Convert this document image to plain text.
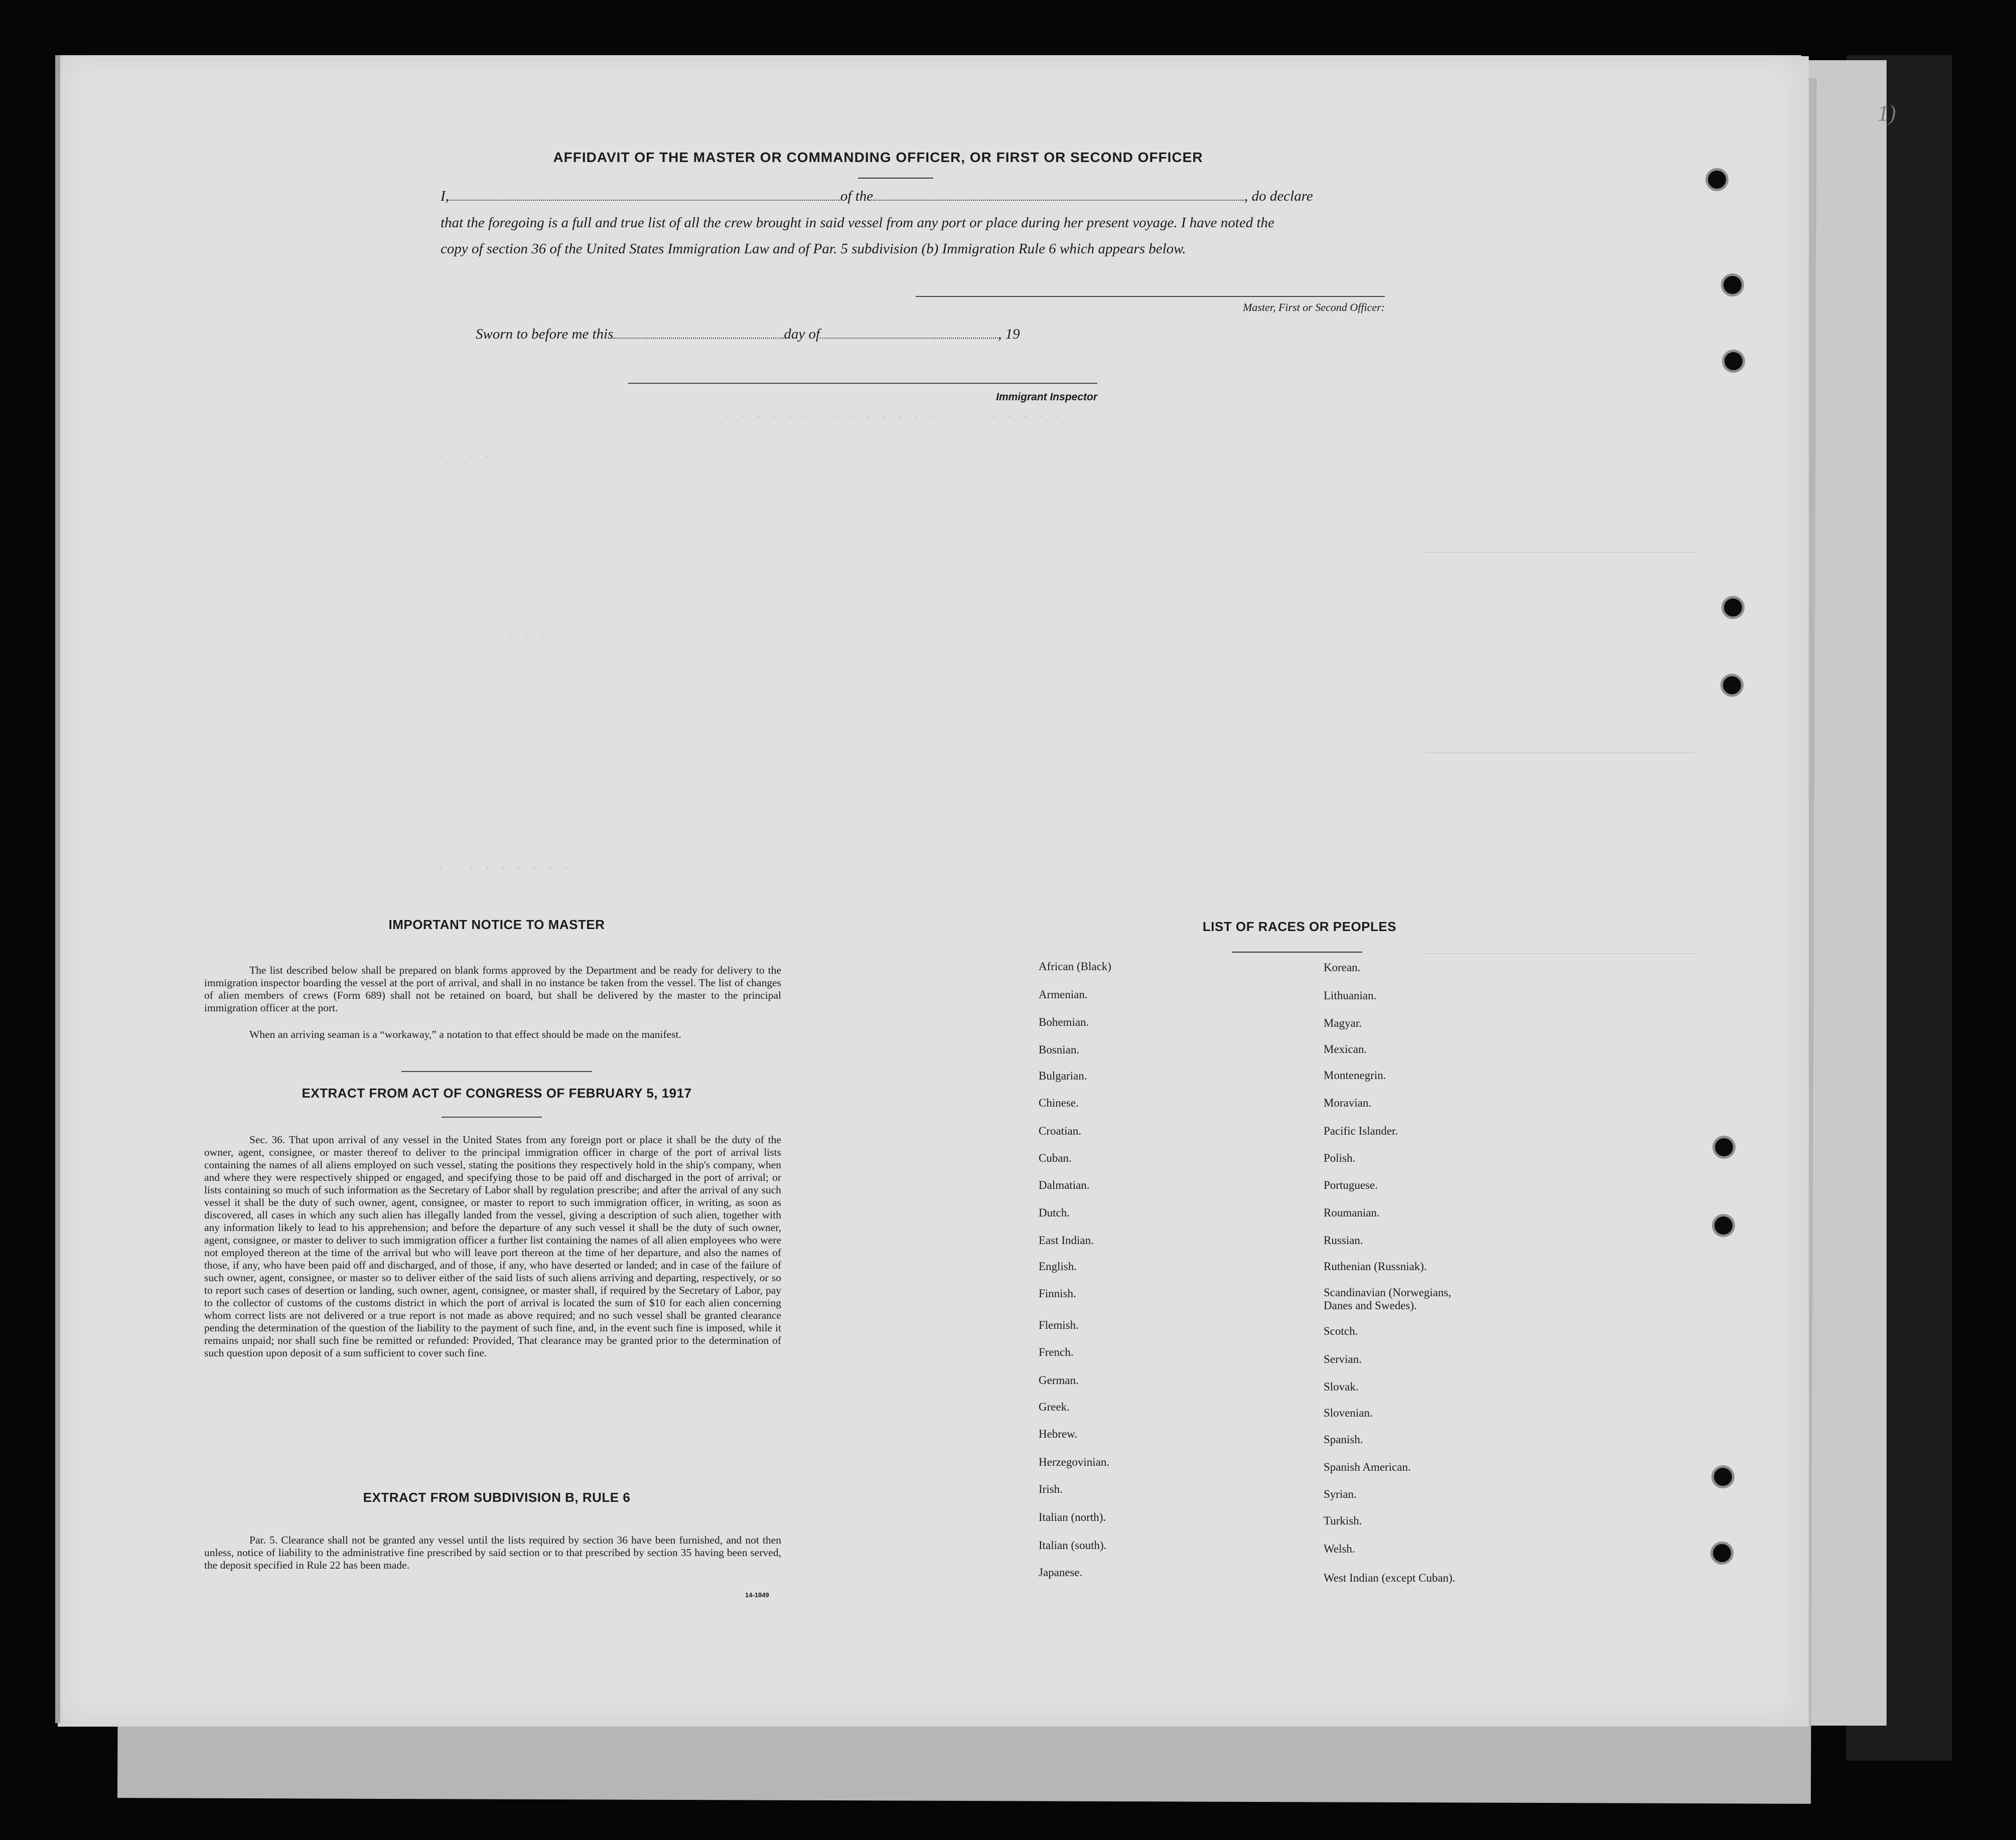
. . . . . . . . . . . . . . . . . . . . . . . .
. . . .
. . . .
. . . . . . . . .
1)
AFFIDAVIT OF THE MASTER OR COMMANDING OFFICER, OR FIRST OR SECOND OFFICER
I,	of the	, do declare
that the foregoing is a full and true list of all the crew brought in said vessel from any port or place during her present voyage. I have noted the
copy of section 36 of the United States Immigration Law and of Par. 5 subdivision (b) Immigration Rule 6 which appears below.
Master, First or Second Officer:
Sworn to before me this	day of	, 19
Immigrant Inspector
IMPORTANT NOTICE TO MASTER
The list described below shall be prepared on blank forms approved by the Department and be ready for delivery to the immigration inspector boarding the vessel at the port of arrival, and shall in no instance be taken from the vessel. The list of changes of alien members of crews (Form 689) shall not be retained on board, but shall be delivered by the master to the principal immigration officer at the port.
When an arriving seaman is a “workaway,” a notation to that effect should be made on the manifest.
EXTRACT FROM ACT OF CONGRESS OF FEBRUARY 5, 1917
Sec. 36. That upon arrival of any vessel in the United States from any foreign port or place it shall be the duty of the owner, agent, consignee, or master thereof to deliver to the principal immigration officer in charge of the port of arrival lists containing the names of all aliens employed on such vessel, stating the positions they respectively hold in the ship's company, when and where they were respectively shipped or engaged, and specifying those to be paid off and discharged in the port of arrival; or lists containing so much of such information as the Secretary of Labor shall by regulation prescribe; and after the arrival of any such vessel it shall be the duty of such owner, agent, consignee, or master to report to such immigration officer, in writing, as soon as discovered, all cases in which any such alien has illegally landed from the vessel, giving a description of such alien, together with any information likely to lead to his apprehension; and before the departure of any such vessel it shall be the duty of such owner, agent, consignee, or master to deliver to such immigration officer a further list containing the names of all alien employees who were not employed thereon at the time of the arrival but who will leave port thereon at the time of her departure, and also the names of those, if any, who have been paid off and discharged, and of those, if any, who have deserted or landed; and in case of the failure of such owner, agent, consignee, or master so to deliver either of the said lists of such aliens arriving and departing, respectively, or so to report such cases of desertion or landing, such owner, agent, consignee, or master shall, if required by the Secretary of Labor, pay to the collector of customs of the customs district in which the port of arrival is located the sum of $10 for each alien concerning whom correct lists are not delivered or a true report is not made as above required; and no such vessel shall be granted clearance pending the determination of the question of the liability to the payment of such fine, and, in the event such fine is imposed, while it remains unpaid; nor shall such fine be remitted or refunded: Provided, That clearance may be granted prior to the determination of such question upon deposit of a sum sufficient to cover such fine.
EXTRACT FROM SUBDIVISION B, RULE 6
Par. 5. Clearance shall not be granted any vessel until the lists required by section 36 have been furnished, and not then unless, notice of liability to the administrative fine prescribed by said section or to that prescribed by section 35 having been served, the deposit specified in Rule 22 has been made.
14-1849
LIST OF RACES OR PEOPLES
African (Black)
Armenian.
Bohemian.
Bosnian.
Bulgarian.
Chinese.
Croatian.
Cuban.
Dalmatian.
Dutch.
East Indian.
English.
Finnish.
Flemish.
French.
German.
Greek.
Hebrew.
Herzegovinian.
Irish.
Italian (north).
Italian (south).
Japanese.
Korean.
Lithuanian.
Magyar.
Mexican.
Montenegrin.
Moravian.
Pacific Islander.
Polish.
Portuguese.
Roumanian.
Russian.
Ruthenian (Russniak).
Scandinavian (Norwegians,
Danes and Swedes).
Scotch.
Servian.
Slovak.
Slovenian.
Spanish.
Spanish American.
Syrian.
Turkish.
Welsh.
West Indian (except Cuban).
